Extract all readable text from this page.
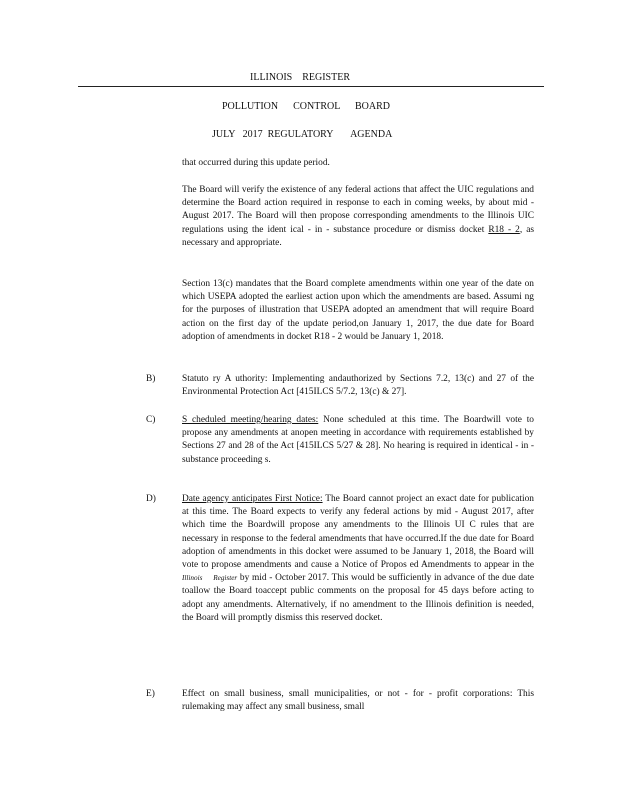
ILLINOIS    REGISTER
POLLUTION      CONTROL      BOARD
JULY   2017  REGULATORY       AGENDA

that occurred during this update period.

The Board will verify the existence of any federal actions that affect the UIC regulations and determine the Board action required in response to each in coming weeks, by about mid - August 2017. The Board will then propose corresponding amendments to the Illinois UIC regulations using the ident ical - in - substance procedure or dismiss docket R18 - 2, as necessary and appropriate.

Section 13(c) mandates that the Board complete amendments within one year of the date on which USEPA adopted the earliest action upon which the amendments are based. Assumi ng for the purposes of illustration that USEPA adopted an amendment that will require Board action on the first day of the update period,on January 1, 2017, the due date for Board adoption of amendments in docket R18 - 2 would be January 1, 2018.

B)	Statuto ry A uthority: Implementing andauthorized by Sections 7.2, 13(c) and 27 of the Environmental Protection Act [415ILCS 5/7.2, 13(c) & 27].

C)	S cheduled meeting/hearing dates: None scheduled at this time. The Boardwill vote to propose any amendments at anopen meeting in accordance with requirements established by Sections 27 and 28 of the Act [415ILCS 5/27 & 28]. No hearing is required in identical - in - substance proceeding s.

D)	Date agency anticipates First Notice: The Board cannot project an exact date for publication at this time. The Board expects to verify any federal actions by mid - August 2017, after which time the Boardwill propose any amendments to the Illinois UI C rules that are necessary in response to the federal amendments that have occurred.If the due date for Board adoption of amendments in this docket were assumed to be January 1, 2018, the Board will vote to propose amendments and cause a Notice of Propos ed Amendments to appear in the Illinois Register by mid - October 2017. This would be sufficiently in advance of the due date toallow the Board toaccept public comments on the proposal for 45 days before acting to adopt any amendments. Alternatively, if no amendment to the Illinois definition is needed, the Board will promptly dismiss this reserved docket.

E)	Effect on small business, small municipalities, or not - for - profit corporations: This rulemaking may affect any small business, small
